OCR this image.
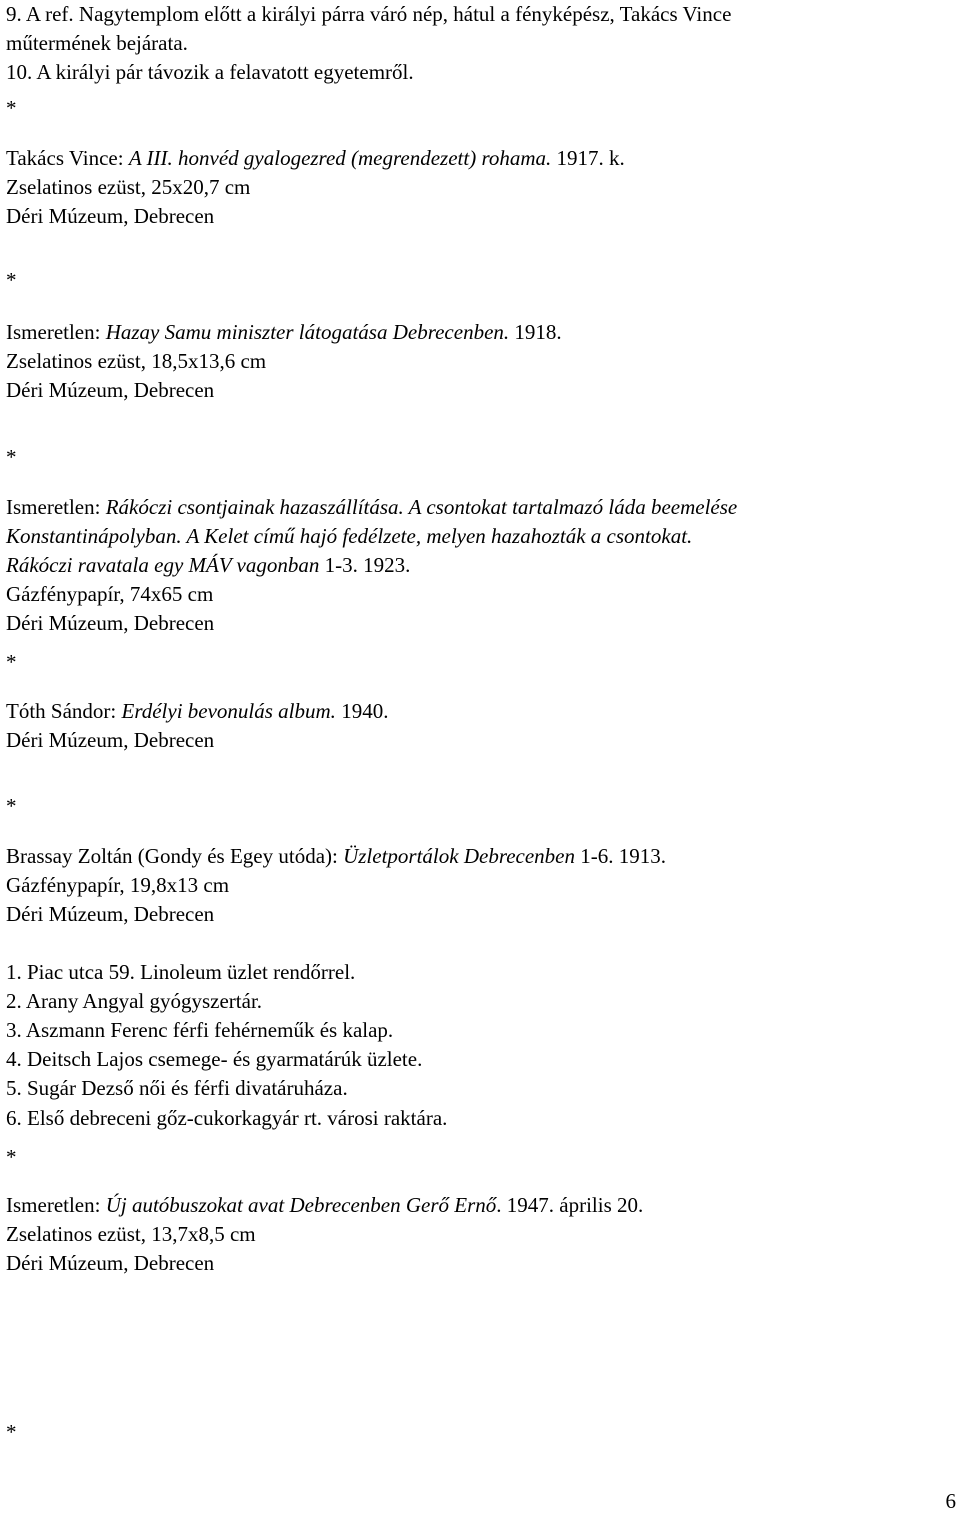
9. A ref. Nagytemplom előtt a királyi párra váró nép, hátul a fényképész, Takács Vince
műtermének bejárata.
10. A királyi pár távozik a felavatott egyetemről.
*
Takács Vince: A III. honvéd gyalogezred (megrendezett) rohama. 1917. k.
Zselatinos ezüst, 25x20,7 cm
Déri Múzeum, Debrecen
*
Ismeretlen: Hazay Samu miniszter látogatása Debrecenben. 1918.
Zselatinos ezüst, 18,5x13,6 cm
Déri Múzeum, Debrecen
*
Ismeretlen: Rákóczi csontjainak hazaszállítása. A csontokat tartalmazó láda beemelése
Konstantinápolyban. A Kelet című hajó fedélzete, melyen hazahozták a csontokat.
Rákóczi ravatala egy MÁV vagonban 1-3. 1923.
Gázfénypapír, 74x65 cm
Déri Múzeum, Debrecen
*
Tóth Sándor: Erdélyi bevonulás album. 1940.
Déri Múzeum, Debrecen
*
Brassay Zoltán (Gondy és Egey utóda): Üzletportálok Debrecenben 1-6. 1913.
Gázfénypapír, 19,8x13 cm
Déri Múzeum, Debrecen
1. Piac utca 59. Linoleum üzlet rendőrrel.
2. Arany Angyal gyógyszertár.
3. Aszmann Ferenc férfi fehérneműk és kalap.
4. Deitsch Lajos csemege- és gyarmatárúk üzlete.
5. Sugár Dezső női és férfi divatáruháza.
6. Első debreceni gőz-cukorkagyár rt. városi raktára.
*
Ismeretlen: Új autóbuszokat avat Debrecenben Gerő Ernő. 1947. április 20.
Zselatinos ezüst, 13,7x8,5 cm
Déri Múzeum, Debrecen
*
6
